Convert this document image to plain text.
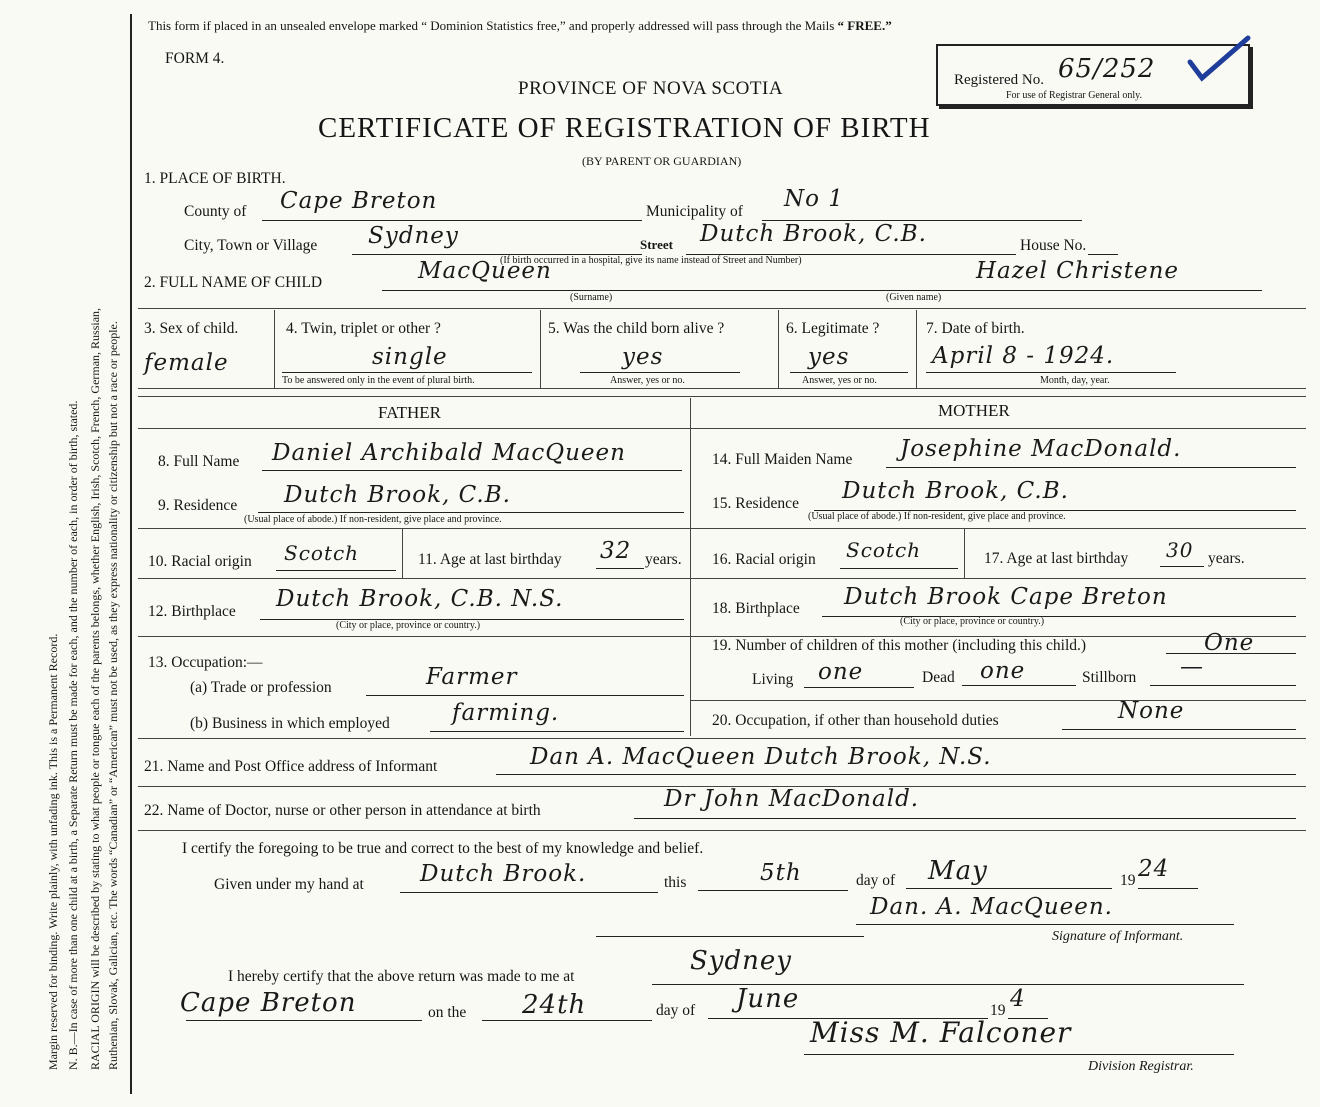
Margin reserved for binding. Write plainly, with unfading ink. This is a Permanent Record. N. B.—In case of more than one child at a birth, a Separate Return must be made for each, and the number of each, in order of birth, stated. RACIAL ORIGIN will be described by stating to what people or tongue each of the parents belongs, whether English, Irish, Scotch, French, German, Russian, Ruthenian, Slovak, Galician, etc. The words “Canadian” or “American” must not be used, as they express nationality or citizenship but not a race or people.
This form if placed in an unsealed envelope marked “ Dominion Statistics free,” and properly addressed will pass through the Mails “ FREE.”
FORM 4.
Registered No. 65/252
For use of Registrar General only.
PROVINCE OF NOVA SCOTIA
CERTIFICATE OF REGISTRATION OF BIRTH
(BY PARENT OR GUARDIAN)
1. PLACE OF BIRTH.
County of Cape Breton	Municipality of No 1
City, Town or Village Sydney	Street Dutch Brook, C.B.	House No.
(If birth occurred in a hospital, give its name instead of Street and Number)
2. FULL NAME OF CHILD	MacQueen
(Surname)
Hazel Christene
(Given name)
3. Sex of child.
female
4. Twin, triplet or other ?
single
To be answered only in the event of plural birth.
5. Was the child born alive ?
yes
Answer, yes or no.
6. Legitimate ?
yes
Answer, yes or no.
7. Date of birth.
April 8 - 1924.
Month, day, year.
FATHER	MOTHER
8. Full Name Daniel Archibald MacQueen
9. Residence Dutch Brook, C.B.
(Usual place of abode.) If non-resident, give place and province.
10. Racial origin Scotch	11. Age at last birthday 32 years.
12. Birthplace Dutch Brook, C.B. N.S.
(City or place, province or country.)
13. Occupation:—
(a) Trade or profession	Farmer
(b) Business in which employed	farming.
14. Full Maiden Name Josephine MacDonald.
15. Residence Dutch Brook, C.B.
(Usual place of abode.) If non-resident, give place and province.
16. Racial origin Scotch	17. Age at last birthday 30 years.
18. Birthplace Dutch Brook Cape Breton
(City or place, province or country.)
19. Number of children of this mother (including this child.)	One
Living one	Dead one	Stillborn —
20. Occupation, if other than household duties	None
21. Name and Post Office address of Informant	Dan A. MacQueen Dutch Brook, N.S.
22. Name of Doctor, nurse or other person in attendance at birth	Dr John MacDonald.
I certify the foregoing to be true and correct to the best of my knowledge and belief.
Given under my hand at Dutch Brook.	this	5th	day of May	19 24
Dan. A. MacQueen.
Signature of Informant.
I hereby certify that the above return was made to me at
Sydney
Cape Breton	on the 24th	day of June	19 4
Miss M. Falconer
Division Registrar.
